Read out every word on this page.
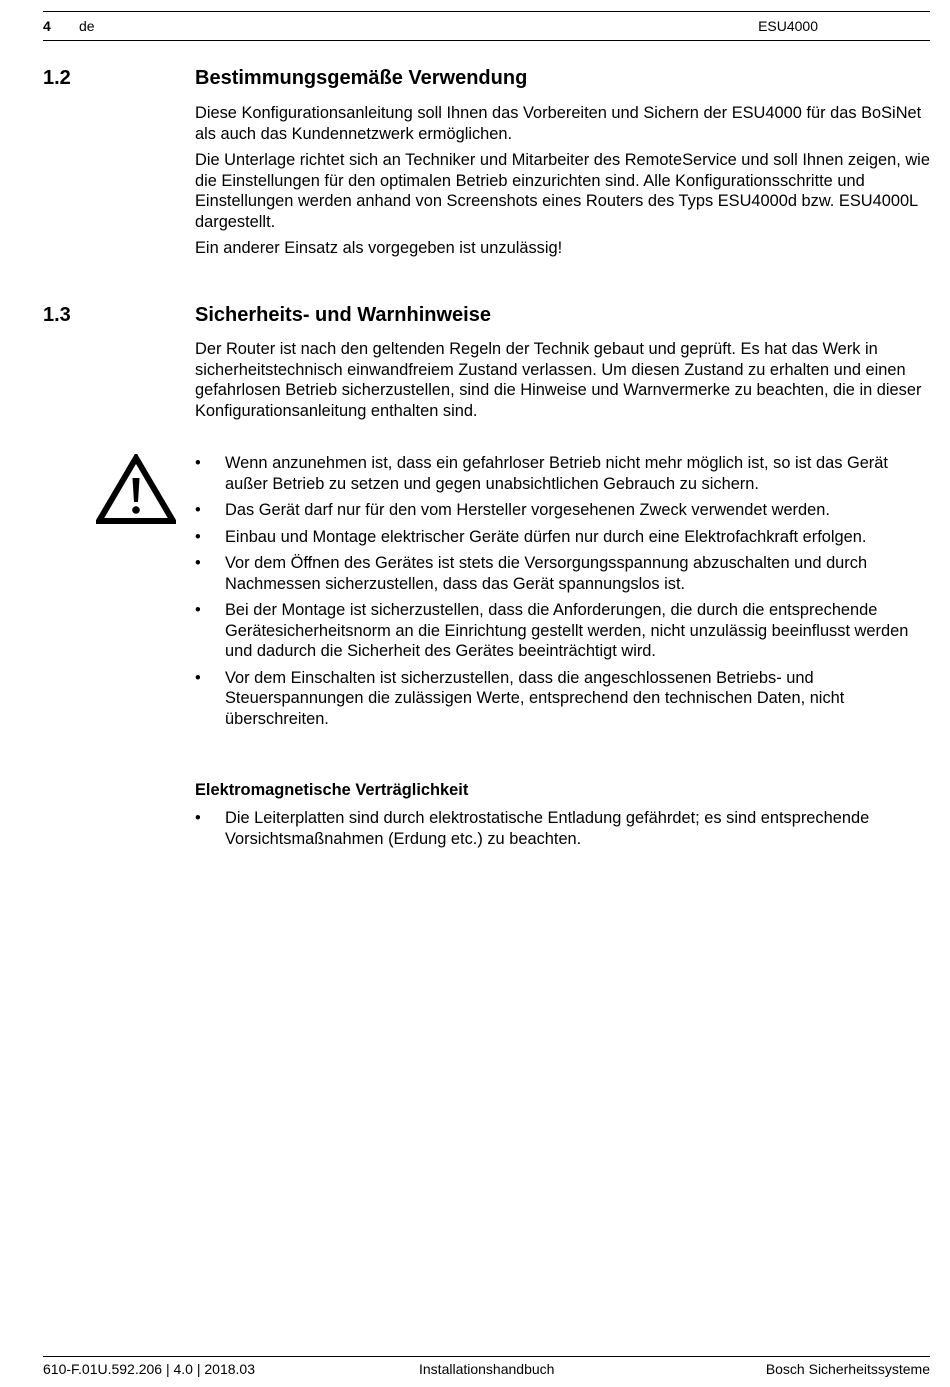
4 de	ESU4000
1.2	Bestimmungsgemäße Verwendung

Diese Konfigurationsanleitung soll Ihnen das Vorbereiten und Sichern der ESU4000 für das BoSiNet als auch das Kundennetzwerk ermöglichen.

Die Unterlage richtet sich an Techniker und Mitarbeiter des RemoteService und soll Ihnen zeigen, wie die Einstellungen für den optimalen Betrieb einzurichten sind. Alle Konfigurationsschritte und Einstellungen werden anhand von Screenshots eines Routers des Typs ESU4000d bzw. ESU4000L dargestellt.

Ein anderer Einsatz als vorgegeben ist unzulässig!

1.3	Sicherheits- und Warnhinweise

Der Router ist nach den geltenden Regeln der Technik gebaut und geprüft. Es hat das Werk in sicherheitstechnisch einwandfreiem Zustand verlassen. Um diesen Zustand zu erhalten und einen gefahrlosen Betrieb sicherzustellen, sind die Hinweise und Warnvermerke zu beachten, die in dieser Konfigurationsanleitung enthalten sind.

• Wenn anzunehmen ist, dass ein gefahrloser Betrieb nicht mehr möglich ist, so ist das Gerät außer Betrieb zu setzen und gegen unabsichtlichen Gebrauch zu sichern.
• Das Gerät darf nur für den vom Hersteller vorgesehenen Zweck verwendet werden.
• Einbau und Montage elektrischer Geräte dürfen nur durch eine Elektrofachkraft erfolgen.
• Vor dem Öffnen des Gerätes ist stets die Versorgungsspannung abzuschalten und durch Nachmessen sicherzustellen, dass das Gerät spannungslos ist.
• Bei der Montage ist sicherzustellen, dass die Anforderungen, die durch die entsprechende Gerätesicherheitsnorm an die Einrichtung gestellt werden, nicht unzulässig beeinflusst werden und dadurch die Sicherheit des Gerätes beeinträchtigt wird.
• Vor dem Einschalten ist sicherzustellen, dass die angeschlossenen Betriebs- und Steuerspannungen die zulässigen Werte, entsprechend den technischen Daten, nicht überschreiten.
Elektromagnetische Verträglichkeit
• Die Leiterplatten sind durch elektrostatische Entladung gefährdet; es sind entsprechende Vorsichtsmaßnahmen (Erdung etc.) zu beachten.
610-F.01U.592.206 | 4.0 | 2018.03	Installationshandbuch	Bosch Sicherheitssysteme
